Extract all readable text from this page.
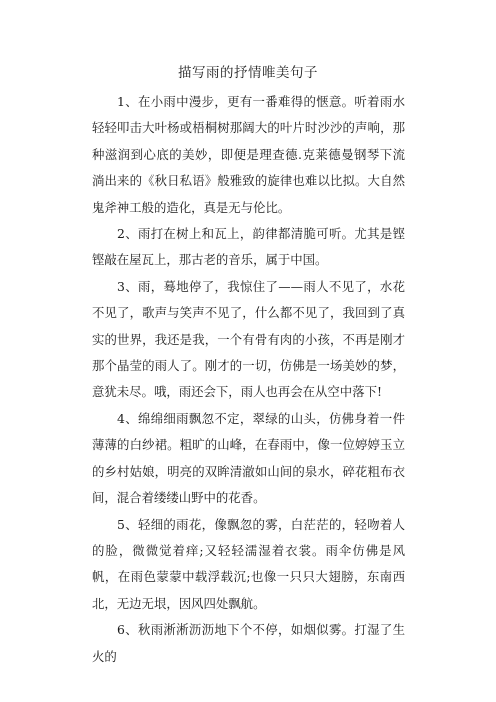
描写雨的抒情唯美句子

1、在小雨中漫步，更有一番难得的惬意。听着雨水轻轻叩击大叶杨或梧桐树那阔大的叶片时沙沙的声响，那种滋润到心底的美妙，即便是理查德.克莱德曼钢琴下流淌出来的《秋日私语》般雅致的旋律也难以比拟。大自然鬼斧神工般的造化，真是无与伦比。

2、雨打在树上和瓦上，韵律都清脆可听。尤其是铿铿敲在屋瓦上，那古老的音乐，属于中国。

3、雨，蓦地停了，我惊住了——雨人不见了，水花不见了，歌声与笑声不见了，什么都不见了，我回到了真实的世界，我还是我，一个有骨有肉的小孩，不再是刚才那个晶莹的雨人了。刚才的一切，仿佛是一场美妙的梦，意犹未尽。哦，雨还会下，雨人也再会在从空中落下!

4、绵绵细雨飘忽不定，翠绿的山头，仿佛身着一件薄薄的白纱裙。粗旷的山峰，在春雨中，像一位婷婷玉立的乡村姑娘，明亮的双眸清澈如山间的泉水，碎花粗布衣间，混合着缕缕山野中的花香。

5、轻细的雨花，像飘忽的雾，白茫茫的，轻吻着人的脸，微微觉着痒;又轻轻濡湿着衣裳。雨伞仿佛是风帆，在雨色蒙蒙中载浮载沉;也像一只只大翅膀，东南西北，无边无垠，因风四处飘航。

6、秋雨淅淅沥沥地下个不停，如烟似雾。打湿了生火的
